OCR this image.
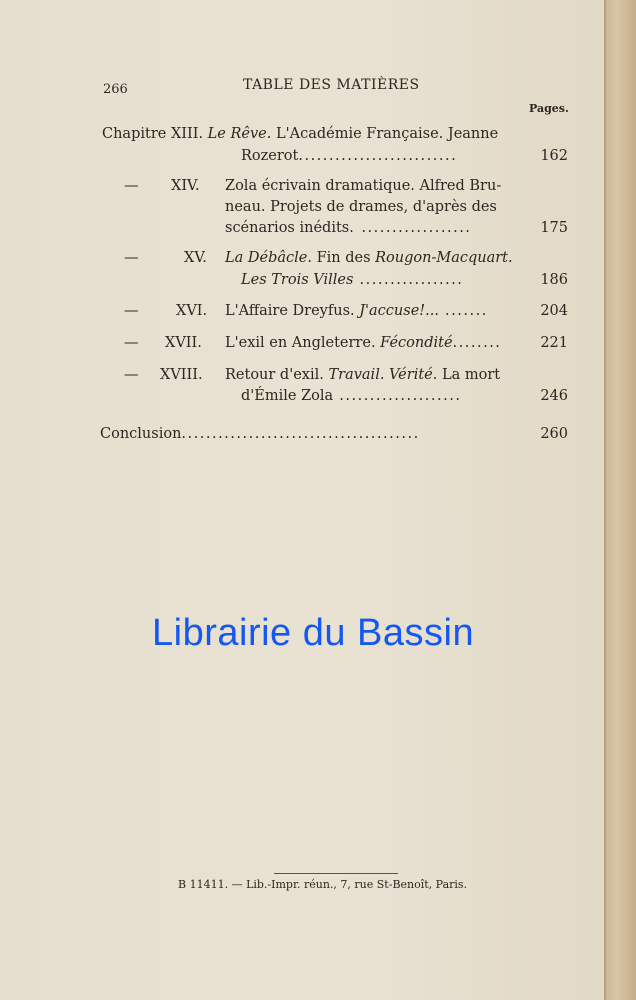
266	TABLE DES MATIÈRES
Pages.
Chapitre XIII. Le Rêve. L'Académie Française. Jeanne
Rozerot..........................	162
— XIV. Zola écrivain dramatique. Alfred Bru-
neau. Projets de drames, d'après des
scénarios inédits. ..................	175
—	XV. La Débâcle. Fin des Rougon-Macquart.
Les Trois Villes .................	186
—	XVI. L'Affaire Dreyfus. J'accuse!... .......	204
— XVII. L'exil en Angleterre. Fécondité........	221
— XVIII. Retour d'exil. Travail. Vérité. La mort
d'Émile Zola ....................	246
Conclusion.......................................	260
Librairie du Bassin
B 11411. — Lib.-Impr. réun., 7, rue St-Benoît, Paris.
